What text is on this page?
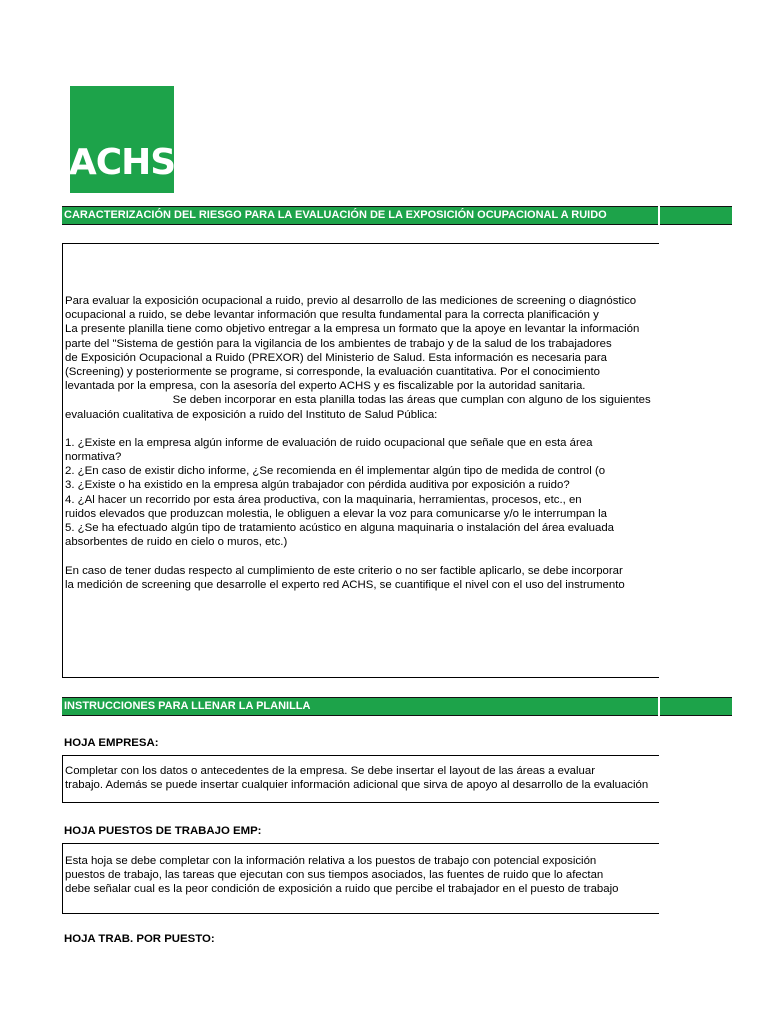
ACHS
CARACTERIZACIÓN DEL RIESGO PARA LA EVALUACIÓN DE LA EXPOSICIÓN OCUPACIONAL A RUIDO
Para evaluar la exposición ocupacional a ruido, previo al desarrollo de las mediciones de screening o diagnóstico
ocupacional a ruido, se debe levantar información que resulta fundamental para la correcta planificación y
La presente planilla tiene como objetivo entregar a la empresa un formato que la apoye en levantar la información
parte del "Sistema de gestión para la vigilancia de los ambientes de trabajo y de la salud de los trabajadores
de Exposición Ocupacional a Ruido (PREXOR) del Ministerio de Salud. Esta información es necesaria para
(Screening) y posteriormente se programe, si corresponde, la evaluación cuantitativa. Por el conocimiento
levantada por la empresa, con la asesoría del experto ACHS y es fiscalizable por la autoridad sanitaria.
Se deben incorporar en esta planilla todas las áreas que cumplan con alguno de los siguientes
evaluación cualitativa de exposición a ruido del Instituto de Salud Pública:
1. ¿Existe en la empresa algún informe de evaluación de ruido ocupacional que señale que en esta área
normativa?
2. ¿En caso de existir dicho informe, ¿Se recomienda en él implementar algún tipo de medida de control (o
3. ¿Existe o ha existido en la empresa algún trabajador con pérdida auditiva por exposición a ruido?
4. ¿Al hacer un recorrido por esta área productiva, con la maquinaria, herramientas, procesos, etc., en
ruidos elevados que produzcan molestia, le obliguen a elevar la voz para comunicarse y/o le interrumpan la
5. ¿Se ha efectuado algún tipo de tratamiento acústico en alguna maquinaria o instalación del área evaluada
absorbentes de ruido en cielo o muros, etc.)
En caso de tener dudas respecto al cumplimiento de este criterio o no ser factible aplicarlo, se debe incorporar
la medición de screening que desarrolle el experto red ACHS, se cuantifique el nivel con el uso del instrumento
INSTRUCCIONES PARA LLENAR LA PLANILLA
HOJA EMPRESA:
Completar con los datos o antecedentes de la empresa. Se debe insertar el layout de las áreas a evaluar
trabajo. Además se puede insertar cualquier información adicional que sirva de apoyo al desarrollo de la evaluación
HOJA PUESTOS DE TRABAJO EMP:
Esta hoja se debe completar con la información relativa a los puestos de trabajo con potencial exposición
puestos de trabajo, las tareas que ejecutan con sus tiempos asociados, las fuentes de ruido que lo afectan
debe señalar cual es la peor condición de exposición a ruido que percibe el trabajador en el puesto de trabajo
HOJA TRAB. POR PUESTO:
